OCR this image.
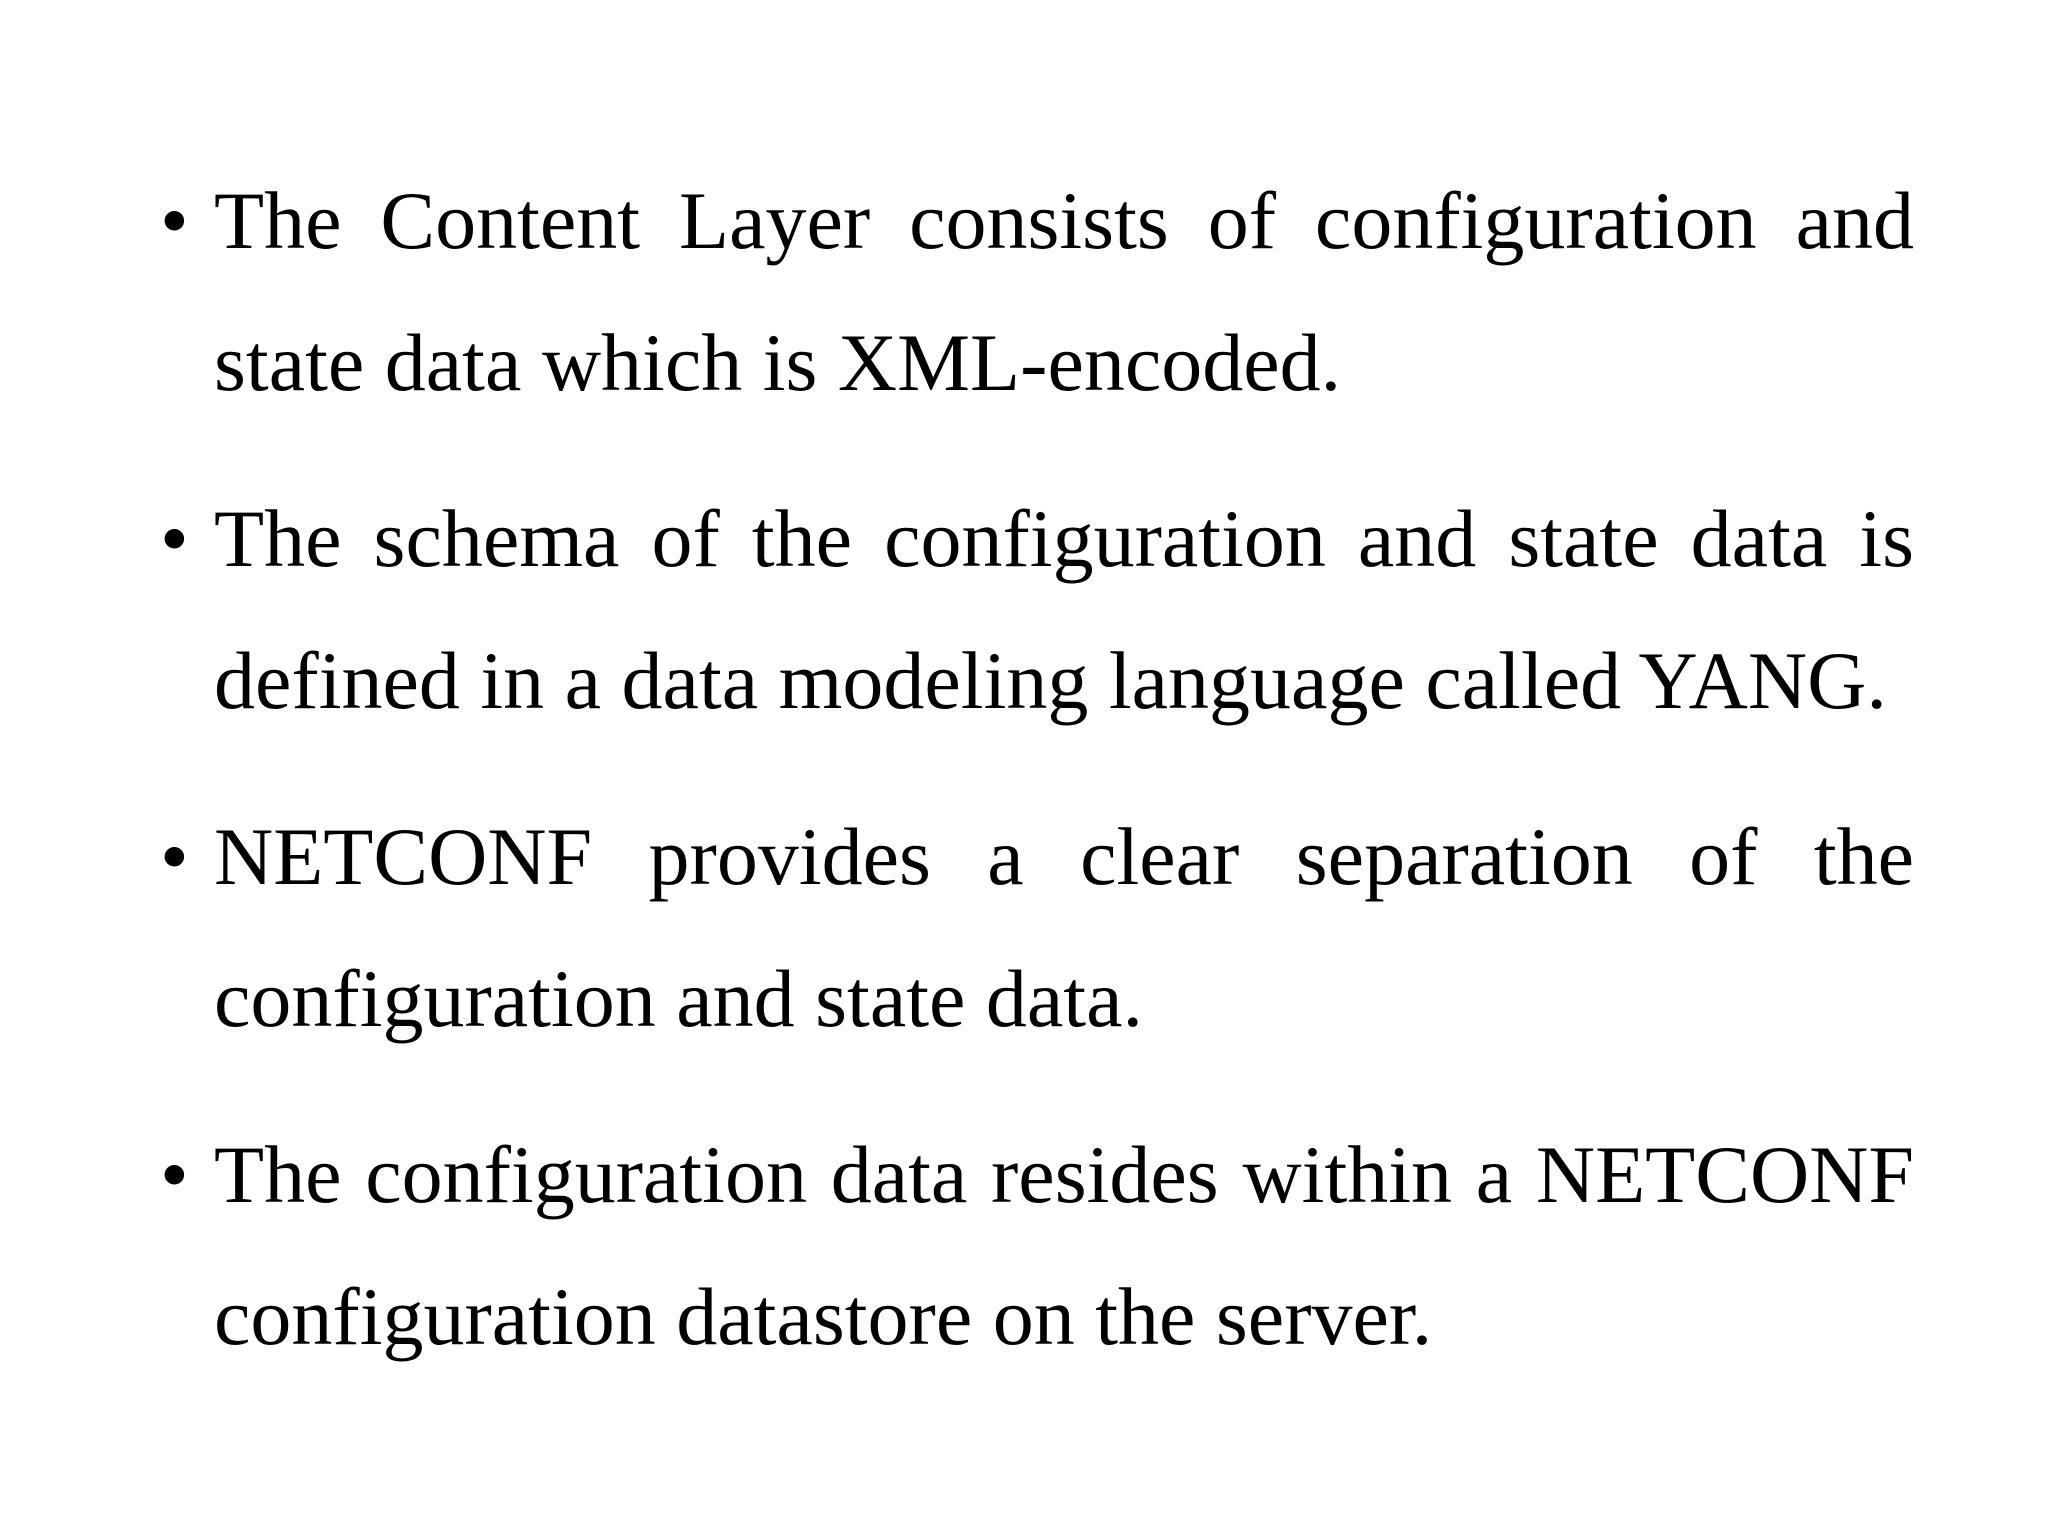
• The Content Layer consists of configuration and state data which is XML-encoded.

• The schema of the configuration and state data is defined in a data modeling language called YANG.

• NETCONF provides a clear separation of the configuration and state data.

• The configuration data resides within a NETCONF configuration datastore on the server.
